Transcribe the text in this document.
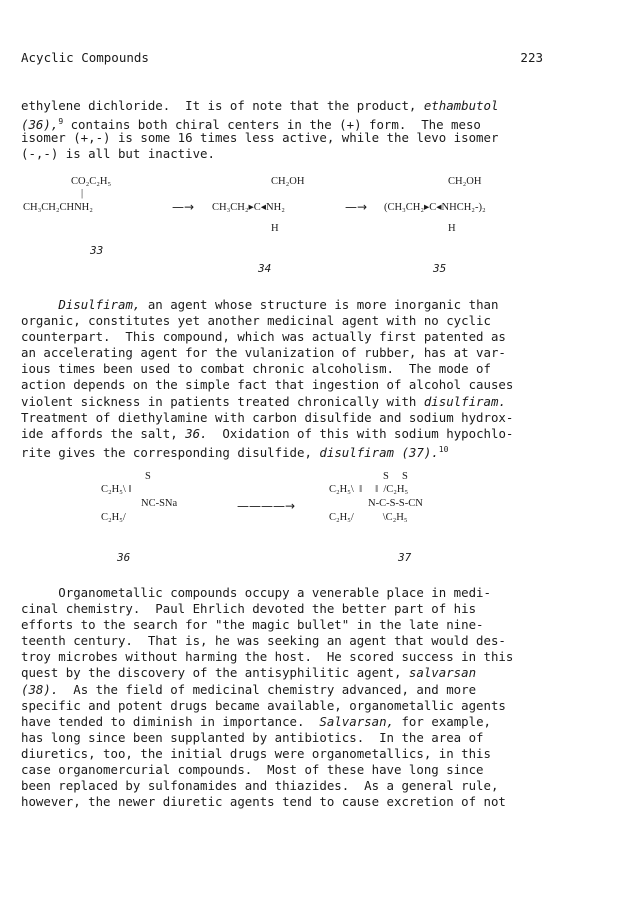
Acyclic Compounds	223
ethylene dichloride.  It is of note that the product, ethambutol
(36),$^9$ contains both chiral centers in the (+) form.  The meso
isomer (+,-) is some 16 times less active, while the levo isomer
(-,-) is all but inactive.
CO₂C₂H₅
|
CH₃CH₂CHNH₂	—→
CH₂OH
CH₃CH₂▸C◂NH₂
H
—→
CH₂OH
(CH₃CH₂▸C◂NHCH₂-)₂
H
33
34	35
Disulfiram, an agent whose structure is more inorganic than
organic, constitutes yet another medicinal agent with no cyclic
counterpart.  This compound, which was actually first patented as
an accelerating agent for the vulanization of rubber, has at var-
ious times been used to combat chronic alcoholism.  The mode of
action depends on the simple fact that ingestion of alcohol causes
violent sickness in patients treated chronically with disulfiram.
Treatment of diethylamine with carbon disulfide and sodium hydrox-
ide affords the salt, 36.  Oxidation of this with sodium hypochlo-
rite gives the corresponding disulfide, disulfiram (37).$^{10}$
S
C₂H₅\ ‖
NC-SNa
C₂H₅/
————→
S     S
C₂H₅\  ‖     ‖  /C₂H₅
N-C-S-S-CN
C₂H₅/           \C₂H₅
36	37
Organometallic compounds occupy a venerable place in medi-
cinal chemistry.  Paul Ehrlich devoted the better part of his
efforts to the search for "the magic bullet" in the late nine-
teenth century.  That is, he was seeking an agent that would des-
troy microbes without harming the host.  He scored success in this
quest by the discovery of the antisyphilitic agent, salvarsan
(38).  As the field of medicinal chemistry advanced, and more
specific and potent drugs became available, organometallic agents
have tended to diminish in importance.  Salvarsan, for example,
has long since been supplanted by antibiotics.  In the area of
diuretics, too, the initial drugs were organometallics, in this
case organomercurial compounds.  Most of these have long since
been replaced by sulfonamides and thiazides.  As a general rule,
however, the newer diuretic agents tend to cause excretion of not
